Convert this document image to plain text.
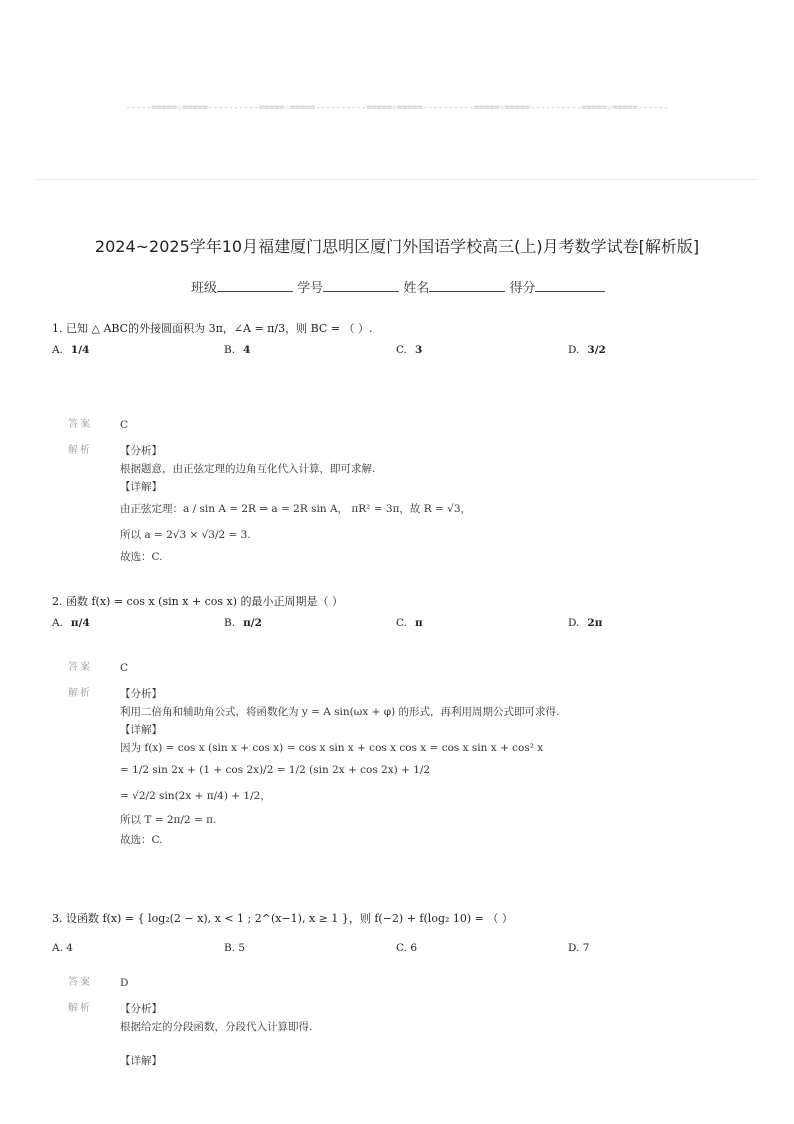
-----=====☆=====----------=====☆=====----------=====☆=====----------=====☆=====----------=====☆=====------
2024~2025学年10月福建厦门思明区厦门外国语学校高三(上)月考数学试卷[解析版]
班级	学号	姓名	得分
1. 已知 △ ABC的外接圆面积为 3π，∠A = π/3，则 BC = （ ）.
A. 1/4	B. 4	C. 3	D. 3/2
答案	C
解析	【分析】
根据题意，由正弦定理的边角互化代入计算，即可求解.
【详解】
由正弦定理：a / sin A = 2R ⇒ a = 2R sin A， πR² = 3π，故 R = √3，
所以 a = 2√3 × √3/2 = 3.
故选：C.
2. 函数 f(x) = cos x (sin x + cos x) 的最小正周期是（ ）
A. π/4	B. π/2	C. π	D. 2π
答案	C
解析	【分析】
利用二倍角和辅助角公式，将函数化为 y = A sin(ωx + φ) 的形式，再利用周期公式即可求得.
【详解】
因为 f(x) = cos x (sin x + cos x) = cos x sin x + cos x cos x = cos x sin x + cos² x
= 1/2 sin 2x + (1 + cos 2x)/2 = 1/2 (sin 2x + cos 2x) + 1/2
= √2/2 sin(2x + π/4) + 1/2，
所以 T = 2π/2 = π.
故选：C.
3. 设函数 f(x) = { log₂(2 − x), x < 1 ; 2^(x−1), x ≥ 1 }，则 f(−2) + f(log₂ 10) = （ ）
A. 4	B. 5	C. 6	D. 7
答案	D
解析	【分析】
根据给定的分段函数，分段代入计算即得.
【详解】
